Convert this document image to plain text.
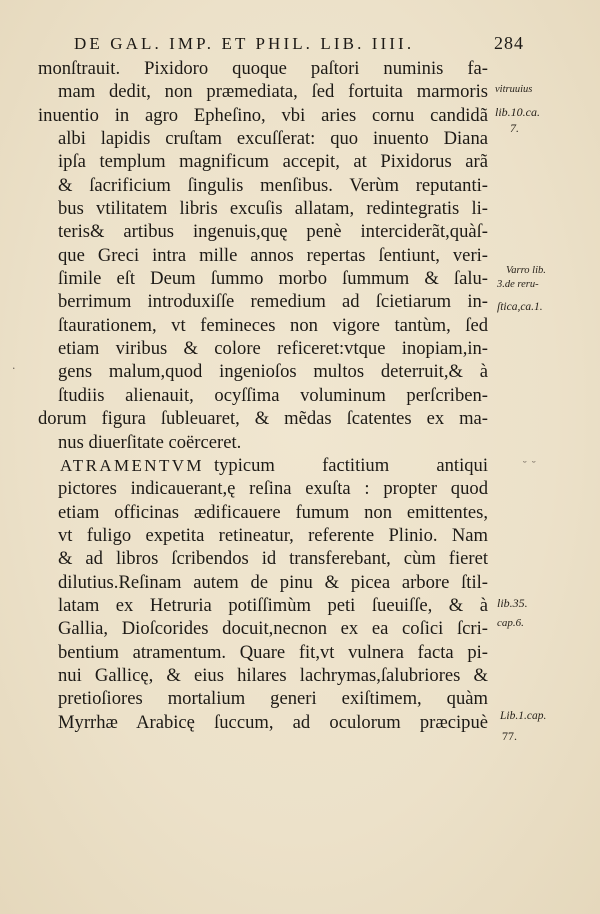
DE GAL. IMP. ET PHIL. LIB. IIII.	284
monſtrauit. Pixidoro quoque paſtori numinis fa-
mam dedit, non præmediata, ſed fortuita marmoris
inuentio in agro Epheſino, vbi aries cornu candidã
albi lapidis cruſtam excuſſerat: quo inuento Diana
ipſa templum magnificum accepit, at Pixidorus arã
& ſacrificium ſingulis menſibus. Verùm reputanti-
bus vtilitatem libris excuſis allatam, redintegratis li-
teris& artibus ingenuis,quę penè interciderãt,quàſ-
que Greci intra mille annos repertas ſentiunt, veri-
ſimile eſt Deum ſummo morbo ſummum & ſalu-
berrimum introduxiſſe remedium ad ſcietiarum in-
ſtaurationem, vt femineces non vigore tantùm, ſed
etiam viribus & colore reficeret:vtque inopiam,in-
gens malum,quod ingenioſos multos deterruit,& à
ſtudiis alienauit, ocyſſima voluminum perſcriben-
dorum figura ſubleuaret, & mẽdas ſcatentes ex ma-
nus diuerſitate coërceret.
ATRAMENTVM typicum factitium antiqui
pictores indicauerant,ę reſina exuſta : propter quod
etiam officinas ædificauere fumum non emittentes,
vt fuligo expetita retineatur, referente Plinio. Nam
& ad libros ſcribendos id transferebant, cùm fieret
dilutius.Reſinam autem de pinu & picea arbore ſtil-
latam ex Hetruria potiſſimùm peti ſueuiſſe, & à
Gallia, Dioſcorides docuit,necnon ex ea coſici ſcri-
bentium atramentum. Quare fit,vt vulnera facta pi-
nui Gallicę, & eius hilares lachrymas,ſalubriores &
pretioſiores mortalium generi exiſtimem, quàm
Myrrhæ Arabicę ſuccum, ad oculorum præcipuè
vitruuius
lib.10.ca.
7.
Varro lib.
3.de reru-
ſtica,ca.1.
lib.35.
cap.6.
Lib.1.cap.
77.
˘ ˘
·
